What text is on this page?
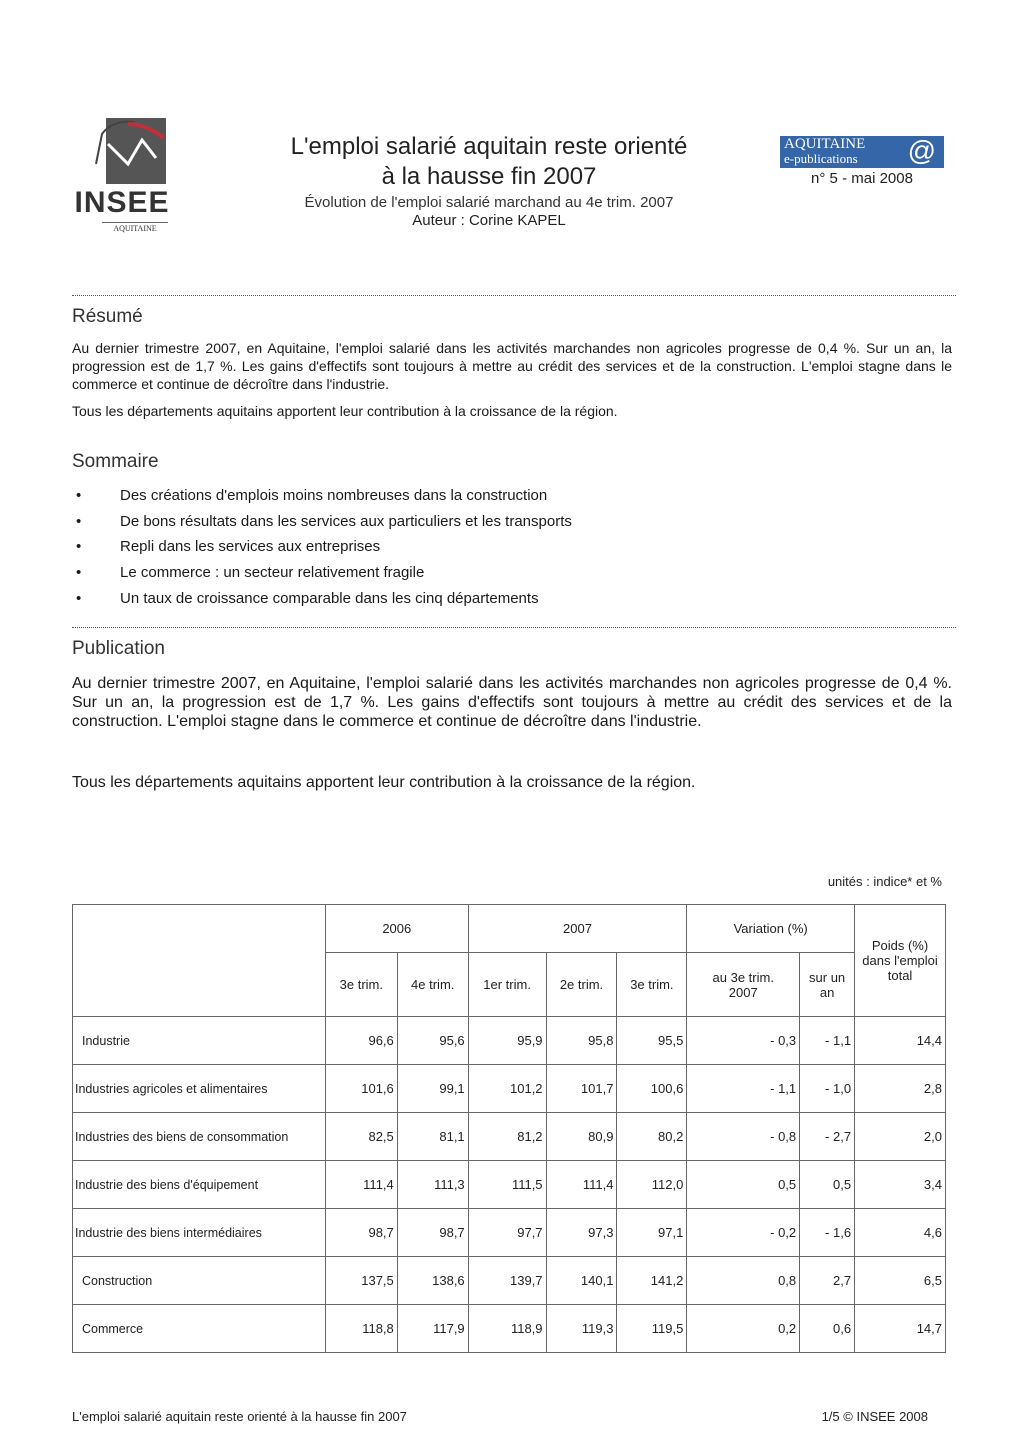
INSEE
AQUITAINE
L'emploi salarié aquitain reste orienté
à la hausse fin 2007
Évolution de l'emploi salarié marchand au 4e trim. 2007
Auteur : Corine KAPEL
AQUITAINE
e-publications @
n° 5 - mai 2008
Résumé
Au dernier trimestre 2007, en Aquitaine, l'emploi salarié dans les activités marchandes non agricoles progresse de 0,4 %. Sur un an, la progression est de 1,7 %. Les gains d'effectifs sont toujours à mettre au crédit des services et de la construction. L'emploi stagne dans le commerce et continue de décroître dans l'industrie.
Tous les départements aquitains apportent leur contribution à la croissance de la région.
Sommaire
•	Des créations d'emplois moins nombreuses dans la construction
•	De bons résultats dans les services aux particuliers et les transports
•	Repli dans les services aux entreprises
•	Le commerce : un secteur relativement fragile
•	Un taux de croissance comparable dans les cinq départements
Publication
Au dernier trimestre 2007, en Aquitaine, l'emploi salarié dans les activités marchandes non agricoles progresse de 0,4 %. Sur un an, la progression est de 1,7 %. Les gains d'effectifs sont toujours à mettre au crédit des services et de la construction. L'emploi stagne dans le commerce et continue de décroître dans l'industrie.
Tous les départements aquitains apportent leur contribution à la croissance de la région.
unités : indice* et %
	2006		2007			Variation (%)		Poids (%) dans l'emploi total
	3e trim.	4e trim.	1er trim.	2e trim.	3e trim.	au 3e trim. 2007	sur un an	
Industrie	96,6	95,6	95,9	95,8	95,5	- 0,3	- 1,1	14,4
Industries agricoles et alimentaires	101,6	99,1	101,2	101,7	100,6	- 1,1	- 1,0	2,8
Industries des biens de consommation	82,5	81,1	81,2	80,9	80,2	- 0,8	- 2,7	2,0
Industrie des biens d'équipement	111,4	111,3	111,5	111,4	112,0	0,5	0,5	3,4
Industrie des biens intermédiaires	98,7	98,7	97,7	97,3	97,1	- 0,2	- 1,6	4,6
Construction	137,5	138,6	139,7	140,1	141,2	0,8	2,7	6,5
Commerce	118,8	117,9	118,9	119,3	119,5	0,2	0,6	14,7
L'emploi salarié aquitain reste orienté à la hausse fin 2007	1/5 © INSEE 2008
